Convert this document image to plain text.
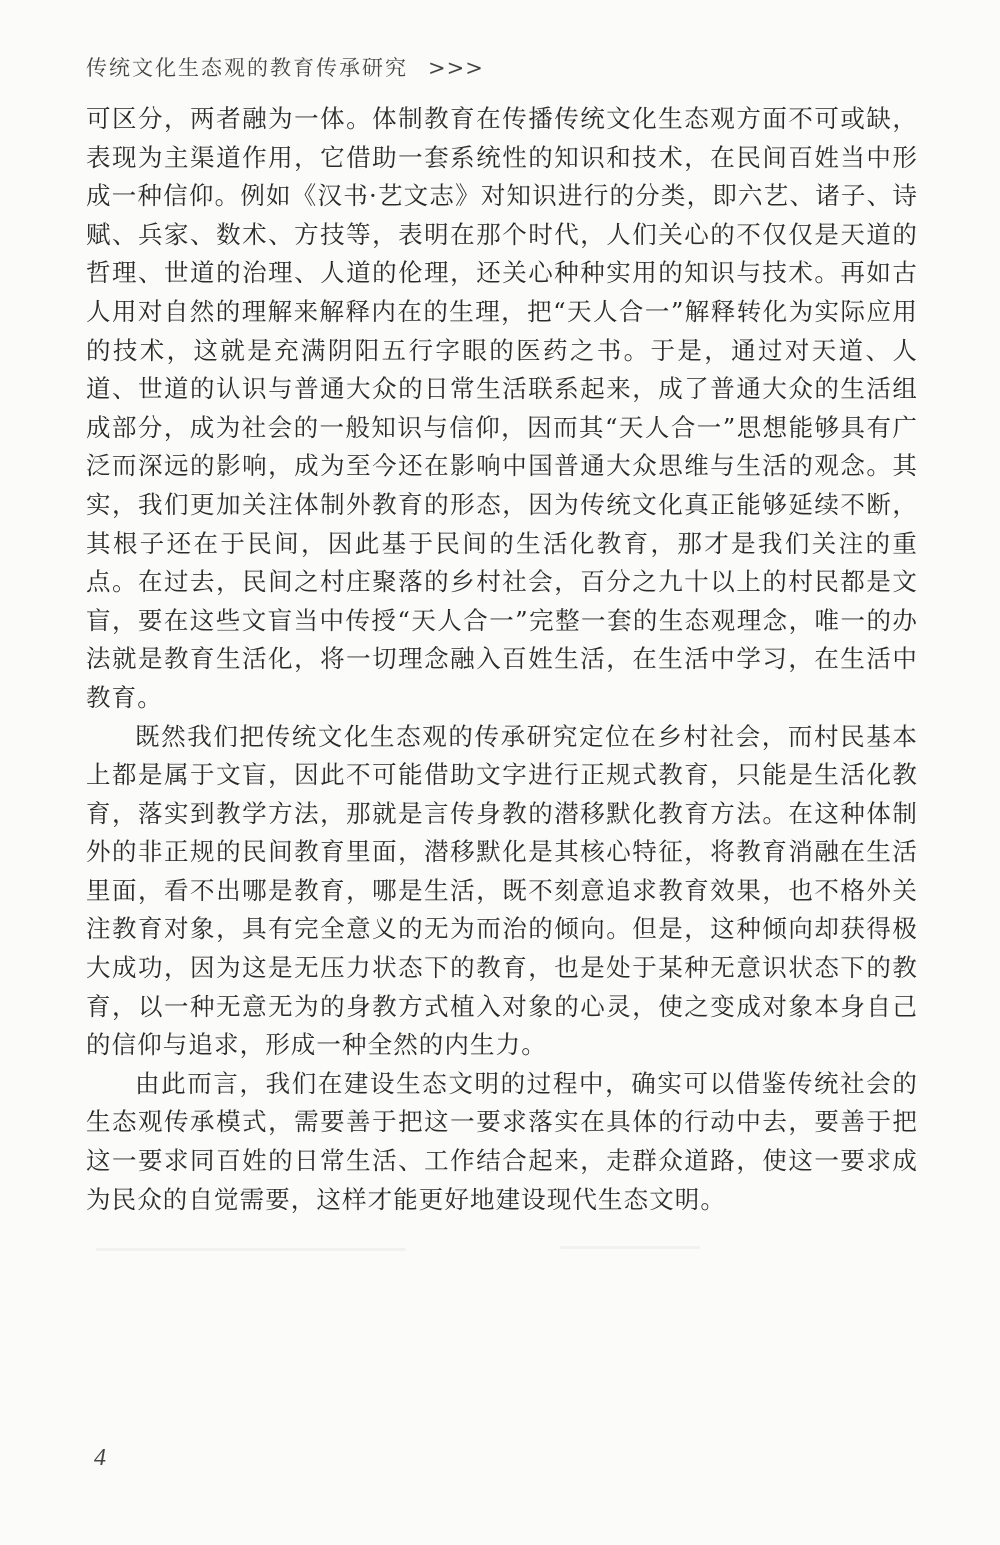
传统文化生态观的教育传承研究 >>>

可区分，两者融为一体。体制教育在传播传统文化生态观方面不可或缺，表现为主渠道作用，它借助一套系统性的知识和技术，在民间百姓当中形成一种信仰。例如《汉书·艺文志》对知识进行的分类，即六艺、诸子、诗赋、兵家、数术、方技等，表明在那个时代，人们关心的不仅仅是天道的哲理、世道的治理、人道的伦理，还关心种种实用的知识与技术。再如古人用对自然的理解来解释内在的生理，把“天人合一”解释转化为实际应用的技术，这就是充满阴阳五行字眼的医药之书。于是，通过对天道、人道、世道的认识与普通大众的日常生活联系起来，成了普通大众的生活组成部分，成为社会的一般知识与信仰，因而其“天人合一”思想能够具有广泛而深远的影响，成为至今还在影响中国普通大众思维与生活的观念。其实，我们更加关注体制外教育的形态，因为传统文化真正能够延续不断，其根子还在于民间，因此基于民间的生活化教育，那才是我们关注的重点。在过去，民间之村庄聚落的乡村社会，百分之九十以上的村民都是文盲，要在这些文盲当中传授“天人合一”完整一套的生态观理念，唯一的办法就是教育生活化，将一切理念融入百姓生活，在生活中学习，在生活中教育。

既然我们把传统文化生态观的传承研究定位在乡村社会，而村民基本上都是属于文盲，因此不可能借助文字进行正规式教育，只能是生活化教育，落实到教学方法，那就是言传身教的潜移默化教育方法。在这种体制外的非正规的民间教育里面，潜移默化是其核心特征，将教育消融在生活里面，看不出哪是教育，哪是生活，既不刻意追求教育效果，也不格外关注教育对象，具有完全意义的无为而治的倾向。但是，这种倾向却获得极大成功，因为这是无压力状态下的教育，也是处于某种无意识状态下的教育，以一种无意无为的身教方式植入对象的心灵，使之变成对象本身自己的信仰与追求，形成一种全然的内生力。

由此而言，我们在建设生态文明的过程中，确实可以借鉴传统社会的生态观传承模式，需要善于把这一要求落实在具体的行动中去，要善于把这一要求同百姓的日常生活、工作结合起来，走群众道路，使这一要求成为民众的自觉需要，这样才能更好地建设现代生态文明。

4
